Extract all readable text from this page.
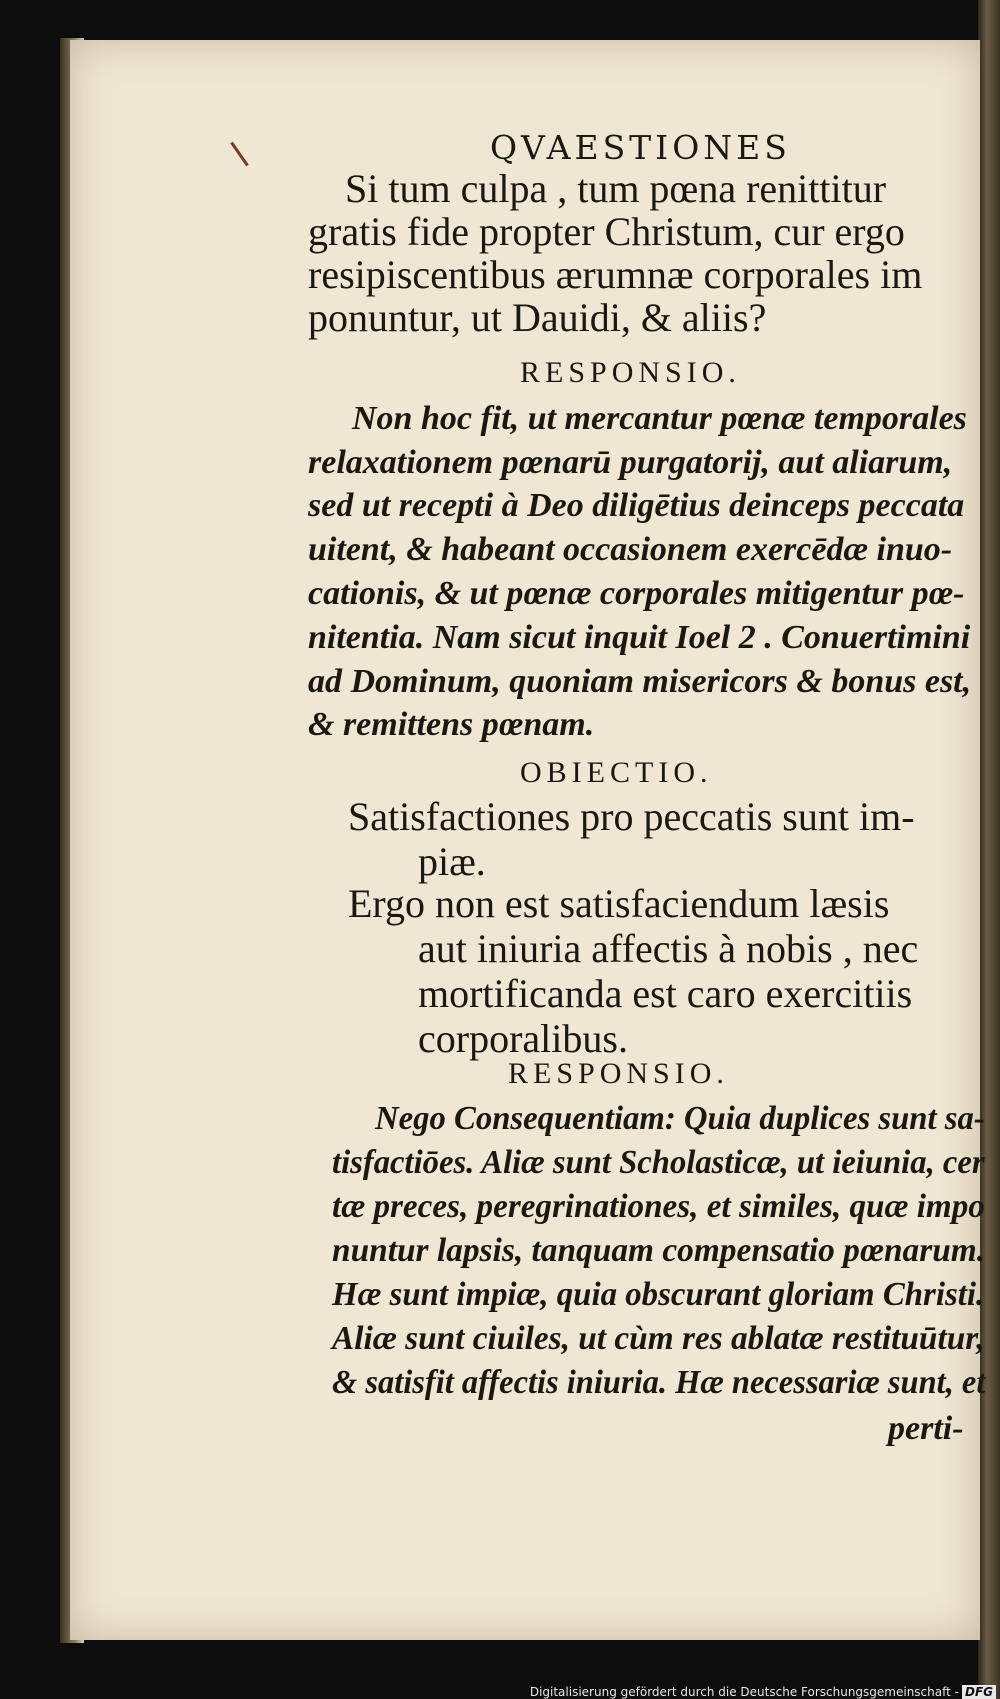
QVAESTIONES
Si tum culpa , tum pœna renittitur
gratis fide propter Christum, cur ergo
resipiscentibus ærumnæ corporales im
ponuntur, ut Dauidi, & aliis?
RESPONSIO.
Non hoc fit, ut mercantur pœnæ temporales
relaxationem pœnarū purgatorij, aut aliarum,
sed ut recepti à Deo diligētius deinceps peccata
uitent, & habeant occasionem exercēdæ inuo-
cationis, & ut pœnæ corporales mitigentur pœ-
nitentia. Nam sicut inquit Ioel 2 . Conuertimini
ad Dominum, quoniam misericors & bonus est,
& remittens pœnam.
OBIECTIO.
Satisfactiones pro peccatis sunt im-
piæ.
Ergo non est satisfaciendum læsis
aut iniuria affectis à nobis , nec
mortificanda est caro exercitiis
corporalibus.
RESPONSIO.
Nego Consequentiam: Quia duplices sunt sa-
tisfactiōes. Aliæ sunt Scholasticæ, ut ieiunia, cer
tæ preces, peregrinationes, et similes, quæ impo
nuntur lapsis, tanquam compensatio pœnarum.
Hæ sunt impiæ, quia obscurant gloriam Christi.
Aliæ sunt ciuiles, ut cùm res ablatæ restituūtur,
& satisfit affectis iniuria. Hæ necessariæ sunt, et
perti-
Digitalisierung gefördert durch die Deutsche Forschungsgemeinschaft - DFG
